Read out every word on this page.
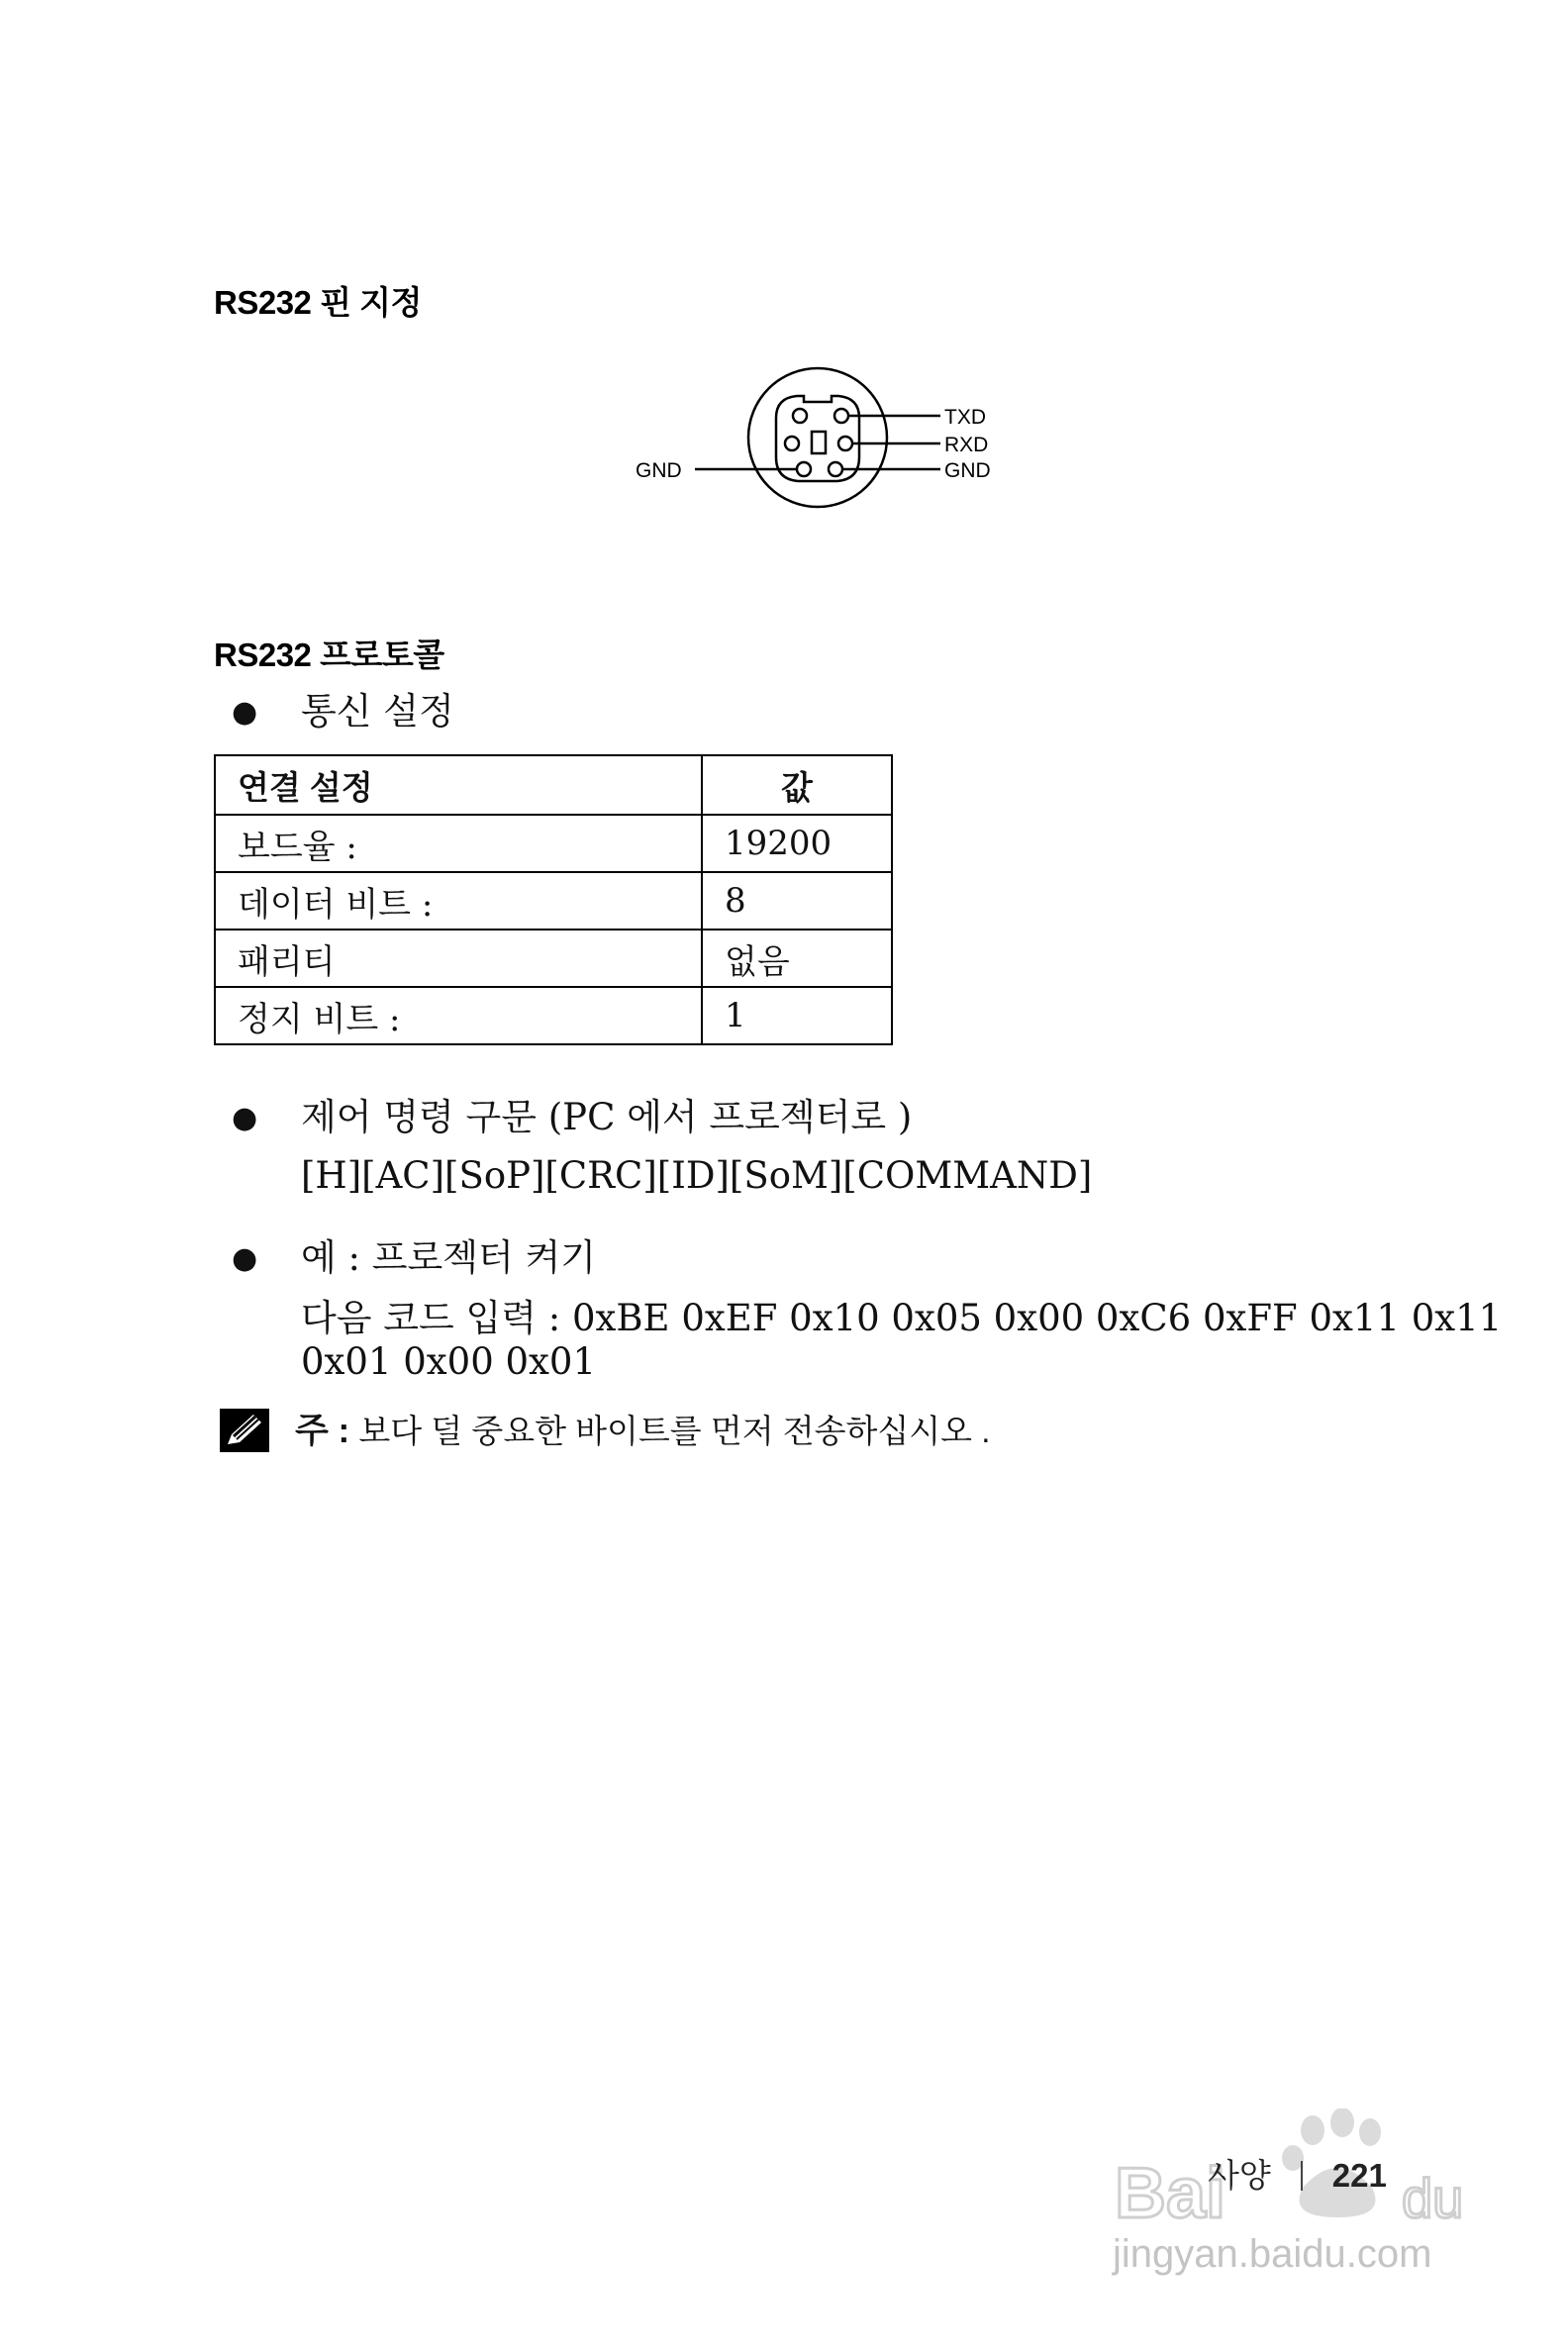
RS232 핀 지정
TXD
RXD
GND
GND
RS232 프로토콜
● 통신 설정
연결 설정	값
보드율 :	19200
데이터 비트 :	8
패리티	없음
정지 비트 :	1
● 제어 명령 구문 (PC 에서 프로젝터로 )
[H][AC][SoP][CRC][ID][SoM][COMMAND]
● 예 : 프로젝터 켜기
다음 코드 입력 : 0xBE 0xEF 0x10 0x05 0x00 0xC6 0xFF 0x11 0x11
0x01 0x00 0x01
주 : 보다 덜 중요한 바이트를 먼저 전송하십시오 .
Bai	du
jingyan.baidu.com
사양 221
